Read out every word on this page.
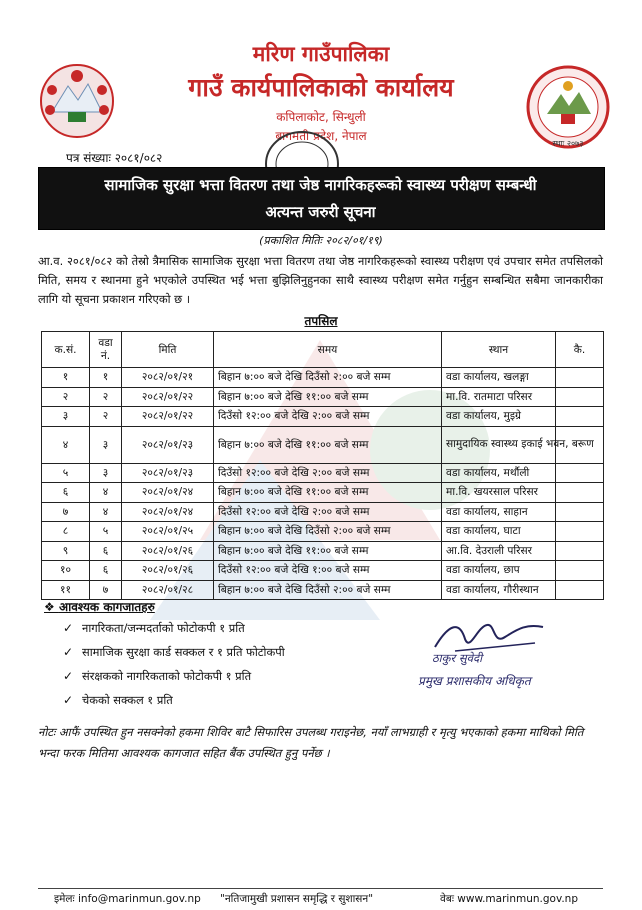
स्थाः २०७३
मरिण गाउँपालिका
गाउँ कार्यपालिकाको कार्यालय
कपिलाकोट, सिन्धुली
बागमती प्रदेश, नेपाल
पत्र संख्याः २०८१/०८२
सामाजिक सुरक्षा भत्ता वितरण तथा जेष्ठ नागरिकहरूको स्वास्थ्य परीक्षण सम्बन्धी
अत्यन्त जरुरी सूचना
(प्रकाशित मितिः २०८२/०१/१९)
आ.व. २०८१/०८२ को तेस्रो त्रैमासिक सामाजिक सुरक्षा भत्ता वितरण तथा जेष्ठ नागरिकहरूको स्वास्थ्य परीक्षण एवं उपचार समेत तपसिलको मिति, समय र स्थानमा हुने भएकोले उपस्थित भई भत्ता बुझिलिनुहुनका साथै स्वास्थ्य परीक्षण समेत गर्नुहुन सम्बन्धित सबैमा जानकारीका लागि यो सूचना प्रकाशन गरिएको छ ।
तपसिल
क.सं.	वडा नं.	मिति	समय	स्थान	कै.
१	१	२०८२/०१/२१	बिहान ७:०० बजे देखि दिउँसो २:०० बजे सम्म	वडा कार्यालय, खलङ्गा	
२	२	२०८२/०१/२२	बिहान ७:०० बजे देखि ११:०० बजे सम्म	मा.वि. रातमाटा परिसर	
३	२	२०८२/०१/२२	दिउँसो १२:०० बजे देखि २:०० बजे सम्म	वडा कार्यालय, मुइग्रे	
४	३	२०८२/०१/२३	बिहान ७:०० बजे देखि ११:०० बजे सम्म	सामुदायिक स्वास्थ्य इकाई भवन, बरूण	
५	३	२०८२/०१/२३	दिउँसो १२:०० बजे देखि २:०० बजे सम्म	वडा कार्यालय, मर्थौली	
६	४	२०८२/०१/२४	बिहान ७:०० बजे देखि ११:०० बजे सम्म	मा.वि. खयरसाल परिसर	
७	४	२०८२/०१/२४	दिउँसो १२:०० बजे देखि २:०० बजे सम्म	वडा कार्यालय, साहान	
८	५	२०८२/०१/२५	बिहान ७:०० बजे देखि दिउँसो २:०० बजे सम्म	वडा कार्यालय, घाटा	
९	६	२०८२/०१/२६	बिहान ७:०० बजे देखि ११:०० बजे सम्म	आ.वि. देउराली परिसर	
१०	६	२०८२/०१/२६	दिउँसो १२:०० बजे देखि १:०० बजे सम्म	वडा कार्यालय, छाप	
११	७	२०८२/०१/२८	बिहान ७:०० बजे देखि दिउँसो २:०० बजे सम्म	वडा कार्यालय, गौरीस्थान	
❖ आवश्यक कागजातहरु
✓ नागरिकता/जन्मदर्ताको फोटोकपी १ प्रति
✓ सामाजिक सुरक्षा कार्ड सक्कल र १ प्रति फोटोकपी
✓ संरक्षकको नागरिकताको फोटोकपी १ प्रति
✓ चेकको सक्कल १ प्रति
ठाकुर सुवेदी
प्रमुख प्रशासकीय अधिकृत
नोटः आफैं उपस्थित हुन नसक्नेको हकमा शिविर बाटै सिफारिस उपलब्ध गराइनेछ, नयाँ लाभग्राही र मृत्यु भएकाको हकमा माथिको मिति भन्दा फरक मितिमा आवश्यक कागजात सहित बैंक उपस्थित हुनु पर्नेछ ।
इमेलः info@marinmun.gov.np "नतिजामुखी प्रशासन समृद्धि र सुशासन"	वेबः www.marinmun.gov.np
